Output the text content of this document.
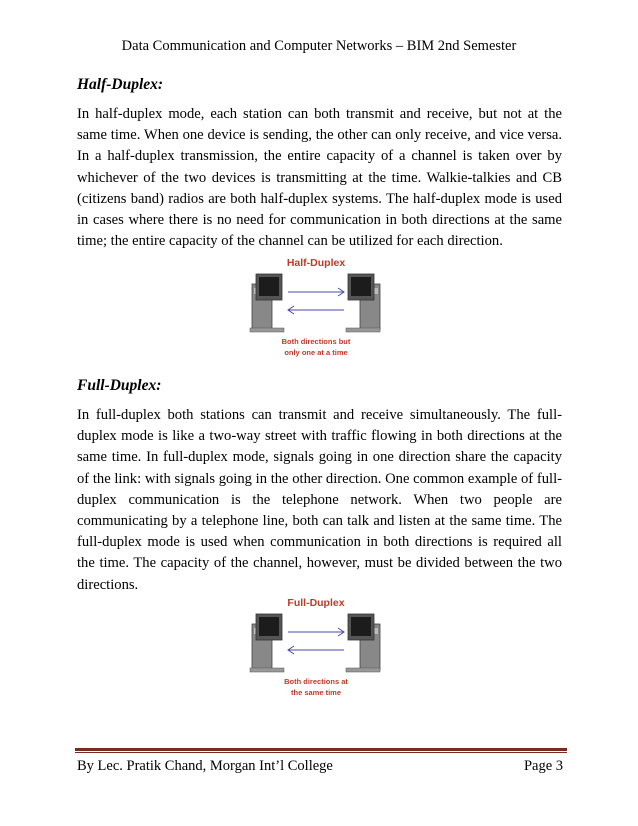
Data Communication and Computer Networks – BIM 2nd Semester
Half-Duplex:

In half-duplex mode, each station can both transmit and receive, but not at the same time. When one device is sending, the other can only receive, and vice versa. In a half-duplex transmission, the entire capacity of a channel is taken over by whichever of the two devices is transmitting at the time. Walkie-talkies and CB (citizens band) radios are both half-duplex systems. The half-duplex mode is used in cases where there is no need for communication in both directions at the same time; the entire capacity of the channel can be utilized for each direction.

Half-Duplex
Both directions but
only one at a time
Full-Duplex:

In full-duplex both stations can transmit and receive simultaneously. The full-duplex mode is like a two-way street with traffic flowing in both directions at the same time. In full-duplex mode, signals going in one direction share the capacity of the link: with signals going in the other direction. One common example of full-duplex communication is the telephone network. When two people are communicating by a telephone line, both can talk and listen at the same time. The full-duplex mode is used when communication in both directions is required all the time. The capacity of the channel, however, must be divided between the two directions.

Full-Duplex
Both directions at
the same time
By Lec. Pratik Chand, Morgan Int’l College	Page 3
